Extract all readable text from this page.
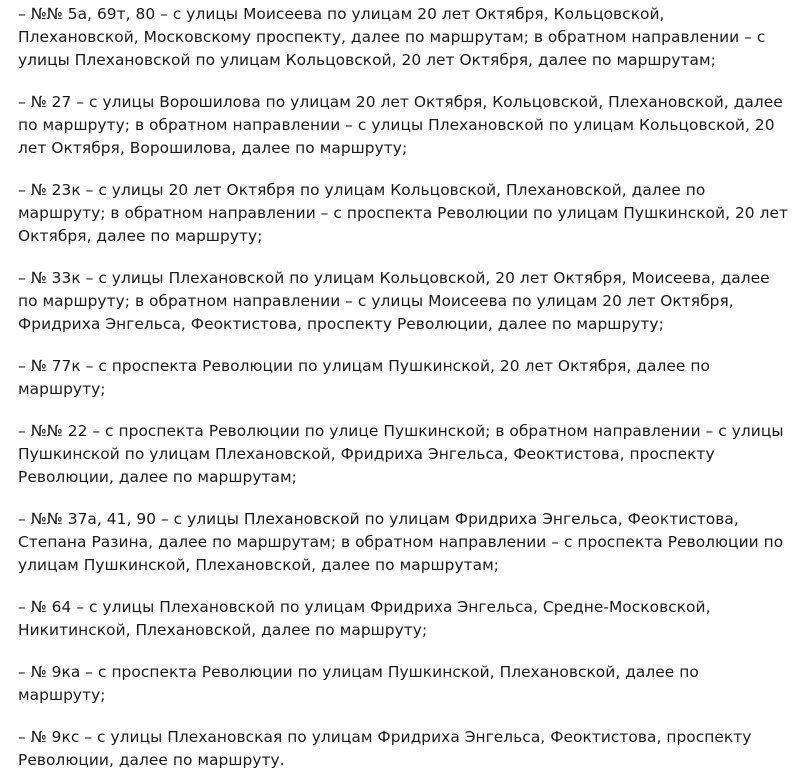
– №№ 5а, 69т, 80 – с улицы Моисеева по улицам 20 лет Октября, Кольцовской, Плехановской, Московскому проспекту, далее по маршрутам; в обратном направлении – с улицы Плехановской по улицам Кольцовской, 20 лет Октября, далее по маршрутам;

– № 27 – с улицы Ворошилова по улицам 20 лет Октября, Кольцовской, Плехановской, далее по маршруту; в обратном направлении – с улицы Плехановской по улицам Кольцовской, 20 лет Октября, Ворошилова, далее по маршруту;

– № 23к – с улицы 20 лет Октября по улицам Кольцовской, Плехановской, далее по маршруту; в обратном направлении – с проспекта Революции по улицам Пушкинской, 20 лет Октября, далее по маршруту;

– № 33к – с улицы Плехановской по улицам Кольцовской, 20 лет Октября, Моисеева, далее по маршруту; в обратном направлении – с улицы Моисеева по улицам 20 лет Октября, Фридриха Энгельса, Феоктистова, проспекту Революции, далее по маршруту;

– № 77к – с проспекта Революции по улицам Пушкинской, 20 лет Октября, далее по маршруту;

– №№ 22 – с проспекта Революции по улице Пушкинской; в обратном направлении – с улицы Пушкинской по улицам Плехановской, Фридриха Энгельса, Феоктистова, проспекту Революции, далее по маршрутам;

– №№ 37а, 41, 90 – с улицы Плехановской по улицам Фридриха Энгельса, Феоктистова, Степана Разина, далее по маршрутам; в обратном направлении – с проспекта Революции по улицам Пушкинской, Плехановской, далее по маршрутам;

– № 64 – с улицы Плехановской по улицам Фридриха Энгельса, Средне-Московской, Никитинской, Плехановской, далее по маршруту;

– № 9ка – с проспекта Революции по улицам Пушкинской, Плехановской, далее по маршруту;

– № 9кс – с улицы Плехановская по улицам Фридриха Энгельса, Феоктистова, проспекту Революции, далее по маршруту.
